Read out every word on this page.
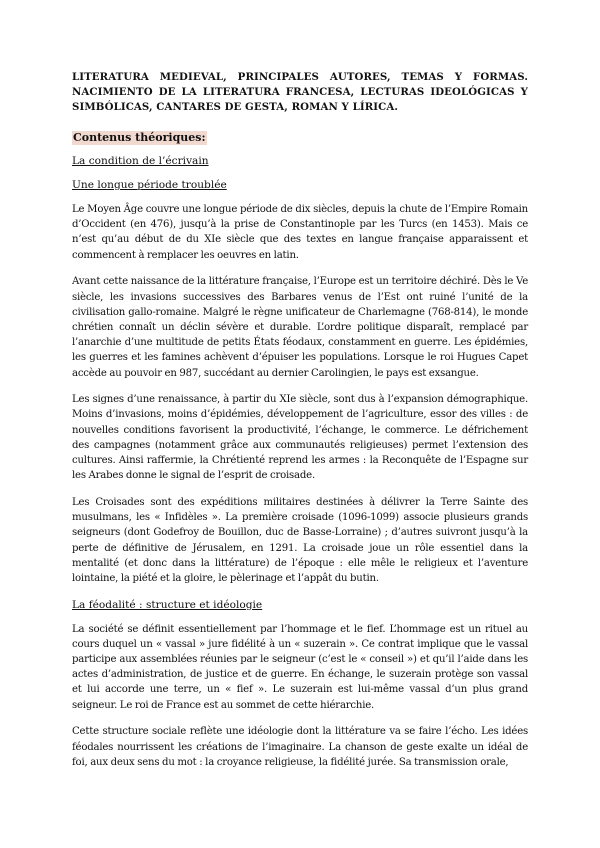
LITERATURA MEDIEVAL, PRINCIPALES AUTORES, TEMAS Y FORMAS. NACIMIENTO DE LA LITERATURA FRANCESA, LECTURAS IDEOLÓGICAS Y SIMBÓLICAS, CANTARES DE GESTA, ROMAN Y LÍRICA.
Contenus théoriques:
La condition de l’écrivain
Une longue période troublée

Le Moyen Âge couvre une longue période de dix siècles, depuis la chute de l’Empire Romain d’Occident (en 476), jusqu’à la prise de Constantinople par les Turcs (en 1453). Mais ce n’est qu’au début de du XIe siècle que des textes en langue française apparaissent et commencent à remplacer les oeuvres en latin.

Avant cette naissance de la littérature française, l’Europe est un territoire déchiré. Dès le Ve siècle, les invasions successives des Barbares venus de l’Est ont ruiné l’unité de la civilisation gallo-romaine. Malgré le règne unificateur de Charlemagne (768-814), le monde chrétien connaît un déclin sévère et durable. L’ordre politique disparaît, remplacé par l’anarchie d’une multitude de petits États féodaux, constamment en guerre. Les épidémies, les guerres et les famines achèvent d’épuiser les populations. Lorsque le roi Hugues Capet accède au pouvoir en 987, succédant au dernier Carolingien, le pays est exsangue.

Les signes d’une renaissance, à partir du XIe siècle, sont dus à l’expansion démographique. Moins d’invasions, moins d’épidémies, développement de l’agriculture, essor des villes : de nouvelles conditions favorisent la productivité, l’échange, le commerce. Le défrichement des campagnes (notamment grâce aux communautés religieuses) permet l’extension des cultures. Ainsi raffermie, la Chrétienté reprend les armes : la Reconquête de l’Espagne sur les Arabes donne le signal de l’esprit de croisade.

Les Croisades sont des expéditions militaires destinées à délivrer la Terre Sainte des musulmans, les « Infidèles ». La première croisade (1096-1099) associe plusieurs grands seigneurs (dont Godefroy de Bouillon, duc de Basse-Lorraine) ; d’autres suivront jusqu’à la perte de définitive de Jérusalem, en 1291. La croisade joue un rôle essentiel dans la mentalité (et donc dans la littérature) de l’époque : elle mêle le religieux et l’aventure lointaine, la piété et la gloire, le pèlerinage et l’appât du butin.

La féodalité : structure et idéologie

La société se définit essentiellement par l’hommage et le fief. L’hommage est un rituel au cours duquel un « vassal » jure fidélité à un « suzerain ». Ce contrat implique que le vassal participe aux assemblées réunies par le seigneur (c’est le « conseil ») et qu’il l’aide dans les actes d’administration, de justice et de guerre. En échange, le suzerain protège son vassal et lui accorde une terre, un « fief ». Le suzerain est lui-même vassal d’un plus grand seigneur. Le roi de France est au sommet de cette hiérarchie.

Cette structure sociale reflète une idéologie dont la littérature va se faire l’écho. Les idées féodales nourrissent les créations de l’imaginaire. La chanson de geste exalte un idéal de foi, aux deux sens du mot : la croyance religieuse, la fidélité jurée. Sa transmission orale,
